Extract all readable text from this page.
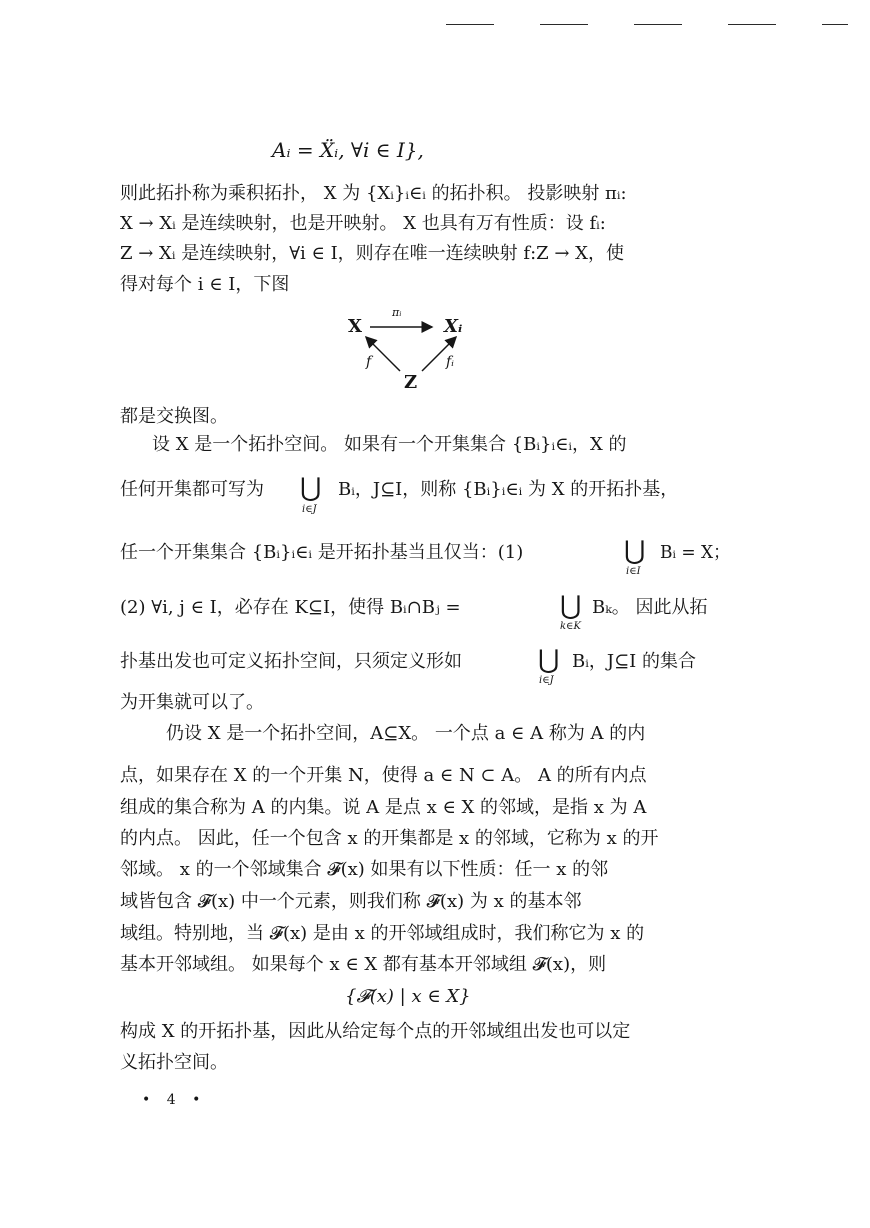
Aᵢ = Ẍᵢ, ∀i ∈ I},
则此拓扑称为乘积拓扑， X 为 {Xᵢ}ᵢ∈ᵢ 的拓扑积。 投影映射 πᵢ:
X → Xᵢ 是连续映射，也是开映射。 X 也具有万有性质：设 fᵢ:
Z → Xᵢ 是连续映射，∀i ∈ I，则存在唯一连续映射 f:Z → X，使
得对每个 i ∈ I，下图
X	Xᵢ
Z
πᵢ
f	fᵢ
都是交换图。
设 X 是一个拓扑空间。 如果有一个开集集合 {Bᵢ}ᵢ∈ᵢ，X 的
任何开集都可写为 ⋃
i∈J
Bᵢ，J⊆I，则称 {Bᵢ}ᵢ∈ᵢ 为 X 的开拓扑基，
任一个开集集合 {Bᵢ}ᵢ∈ᵢ 是开拓扑基当且仅当：(1)	⋃
i∈I
Bᵢ = X；
(2) ∀i, j ∈ I，必存在 K⊆I，使得 Bᵢ∩Bⱼ =	⋃
k∈K
Bₖ。 因此从拓
扑基出发也可定义拓扑空间，只须定义形如	⋃
i∈J
Bᵢ，J⊆I 的集合
为开集就可以了。
仍设 X 是一个拓扑空间，A⊆X。 一个点 a ∈ A 称为 A 的内
点，如果存在 X 的一个开集 N，使得 a ∈ N ⊂ A。 A 的所有内点
组成的集合称为 A 的内集。说 A 是点 x ∈ X 的邻域，是指 x 为 A
的内点。 因此，任一个包含 x 的开集都是 x 的邻域，它称为 x 的开
邻域。 x 的一个邻域集合 𝓕(x) 如果有以下性质：任一 x 的邻
域皆包含 𝓕(x) 中一个元素，则我们称 𝓕(x) 为 x 的基本邻
域组。特别地，当 𝓕(x) 是由 x 的开邻域组成时，我们称它为 x 的
基本开邻域组。 如果每个 x ∈ X 都有基本开邻域组 𝓕(x)，则
{𝓕(x) | x ∈ X}
构成 X 的开拓扑基，因此从给定每个点的开邻域组出发也可以定
义拓扑空间。
• 4 •
